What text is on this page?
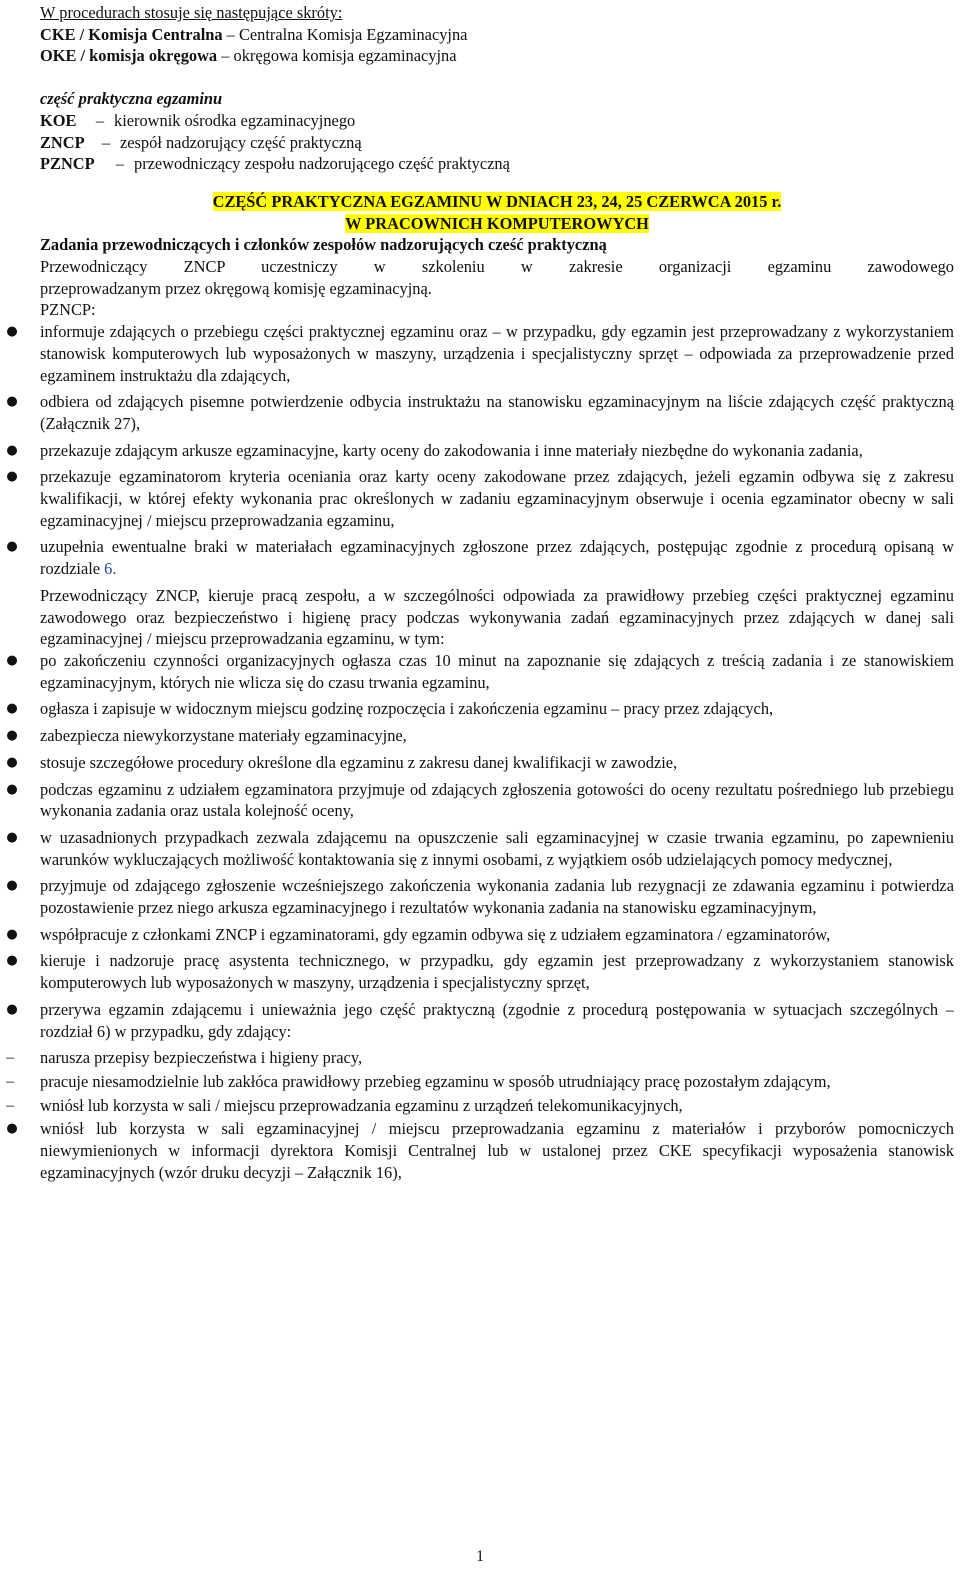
W procedurach stosuje się następujące skróty:
CKE / Komisja Centralna – Centralna Komisja Egzaminacyjna
OKE / komisja okręgowa – okręgowa komisja egzaminacyjna
część praktyczna egzaminu
KOE	– kierownik ośrodka egzaminacyjnego
ZNCP	– zespół nadzorujący część praktyczną
PZNCP	– przewodniczący zespołu nadzorującego część praktyczną
CZĘŚĆ PRAKTYCZNA EGZAMINU W DNIACH 23, 24, 25 CZERWCA 2015 r.
W PRACOWNICH KOMPUTEROWYCH
Zadania przewodniczących i członków zespołów nadzorujących cześć praktyczną
Przewodniczący ZNCP uczestniczy w szkoleniu w zakresie organizacji egzaminu zawodowego
przeprowadzanym przez okręgową komisję egzaminacyjną.
PZNCP:
●	informuje zdających o przebiegu części praktycznej egzaminu oraz – w przypadku, gdy egzamin jest przeprowadzany z wykorzystaniem stanowisk komputerowych lub wyposażonych w maszyny, urządzenia i specjalistyczny sprzęt – odpowiada za przeprowadzenie przed egzaminem instruktażu dla zdających,
●	odbiera od zdających pisemne potwierdzenie odbycia instruktażu na stanowisku egzaminacyjnym na liście zdających część praktyczną (Załącznik 27),
●	przekazuje zdającym arkusze egzaminacyjne, karty oceny do zakodowania i inne materiały niezbędne do wykonania zadania,
●	przekazuje egzaminatorom kryteria oceniania oraz karty oceny zakodowane przez zdających, jeżeli egzamin odbywa się z zakresu kwalifikacji, w której efekty wykonania prac określonych w zadaniu egzaminacyjnym obserwuje i ocenia egzaminator obecny w sali egzaminacyjnej / miejscu przeprowadzania egzaminu,
●	uzupełnia ewentualne braki w materiałach egzaminacyjnych zgłoszone przez zdających, postępując zgodnie z procedurą opisaną w rozdziale 6.
Przewodniczący ZNCP, kieruje pracą zespołu, a w szczególności odpowiada za prawidłowy przebieg części praktycznej egzaminu zawodowego oraz bezpieczeństwo i higienę pracy podczas wykonywania zadań egzaminacyjnych przez zdających w danej sali egzaminacyjnej / miejscu przeprowadzania egzaminu, w tym:
●	po zakończeniu czynności organizacyjnych ogłasza czas 10 minut na zapoznanie się zdających z treścią zadania i ze stanowiskiem egzaminacyjnym, których nie wlicza się do czasu trwania egzaminu,
●	ogłasza i zapisuje w widocznym miejscu godzinę rozpoczęcia i zakończenia egzaminu – pracy przez zdających,
●	zabezpiecza niewykorzystane materiały egzaminacyjne,
●	stosuje szczegółowe procedury określone dla egzaminu z zakresu danej kwalifikacji w zawodzie,
●	podczas egzaminu z udziałem egzaminatora przyjmuje od zdających zgłoszenia gotowości do oceny rezultatu pośredniego lub przebiegu wykonania zadania oraz ustala kolejność oceny,
●	w uzasadnionych przypadkach zezwala zdającemu na opuszczenie sali egzaminacyjnej w czasie trwania egzaminu, po zapewnieniu warunków wykluczających możliwość kontaktowania się z innymi osobami, z wyjątkiem osób udzielających pomocy medycznej,
●	przyjmuje od zdającego zgłoszenie wcześniejszego zakończenia wykonania zadania lub rezygnacji ze zdawania egzaminu i potwierdza pozostawienie przez niego arkusza egzaminacyjnego i rezultatów wykonania zadania na stanowisku egzaminacyjnym,
●	współpracuje z członkami ZNCP i egzaminatorami, gdy egzamin odbywa się z udziałem egzaminatora / egzaminatorów,
●	kieruje i nadzoruje pracę asystenta technicznego, w przypadku, gdy egzamin jest przeprowadzany z wykorzystaniem stanowisk komputerowych lub wyposażonych w maszyny, urządzenia i specjalistyczny sprzęt,
●	przerywa egzamin zdającemu i unieważnia jego część praktyczną (zgodnie z procedurą postępowania w sytuacjach szczególnych – rozdział 6) w przypadku, gdy zdający:
–	narusza przepisy bezpieczeństwa i higieny pracy,
–	pracuje niesamodzielnie lub zakłóca prawidłowy przebieg egzaminu w sposób utrudniający pracę pozostałym zdającym,
–	wniósł lub korzysta w sali / miejscu przeprowadzania egzaminu z urządzeń telekomunikacyjnych,
●	wniósł lub korzysta w sali egzaminacyjnej / miejscu przeprowadzania egzaminu z materiałów i przyborów pomocniczych niewymienionych w informacji dyrektora Komisji Centralnej lub w ustalonej przez CKE specyfikacji wyposażenia stanowisk egzaminacyjnych (wzór druku decyzji – Załącznik 16),
1
